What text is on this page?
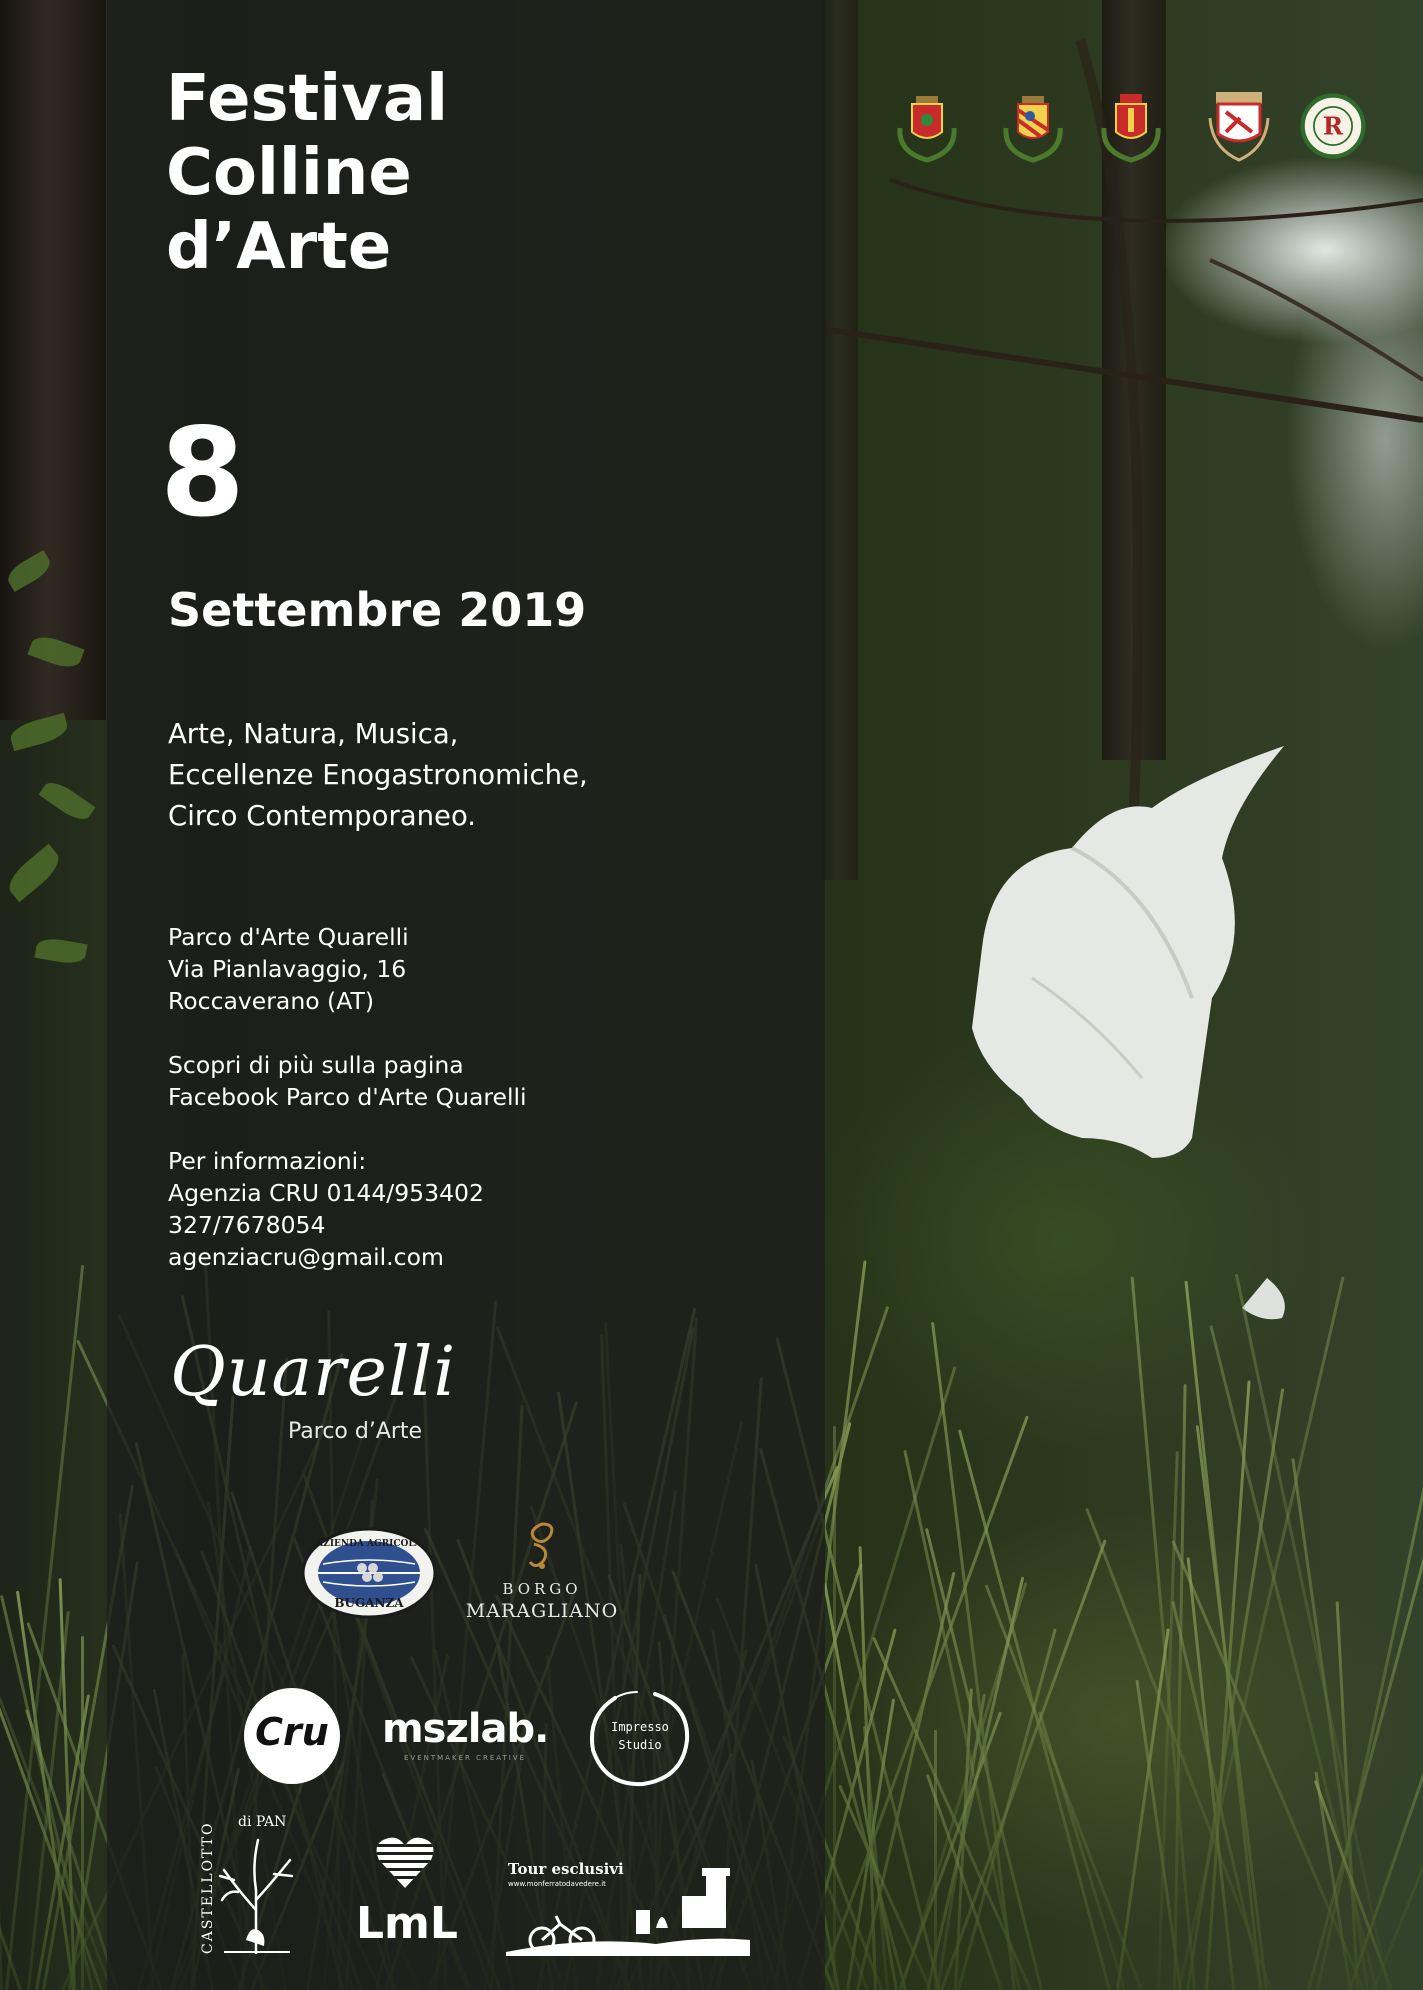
Festival
Colline
d’Arte
8
Settembre 2019
Arte, Natura, Musica,
Eccellenze Enogastronomiche,
Circo Contemporaneo.
Parco d'Arte Quarelli
Via Pianlavaggio, 16
Roccaverano (AT)
Scopri di più sulla pagina
Facebook Parco d'Arte Quarelli
Per informazioni:
Agenzia CRU 0144/953402
327/7678054
agenziacru@gmail.com
Quarelli
Parco d’Arte
AZIENDA AGRICOLA
BUGANZA
BORGO
MARAGLIANO
Cru mszlab.
EVENTMAKER CREATIVE
Impresso
Studio
CASTELLOTTO di PAN
LmL
Tour esclusivi
www.monferratodavedere.it
R
